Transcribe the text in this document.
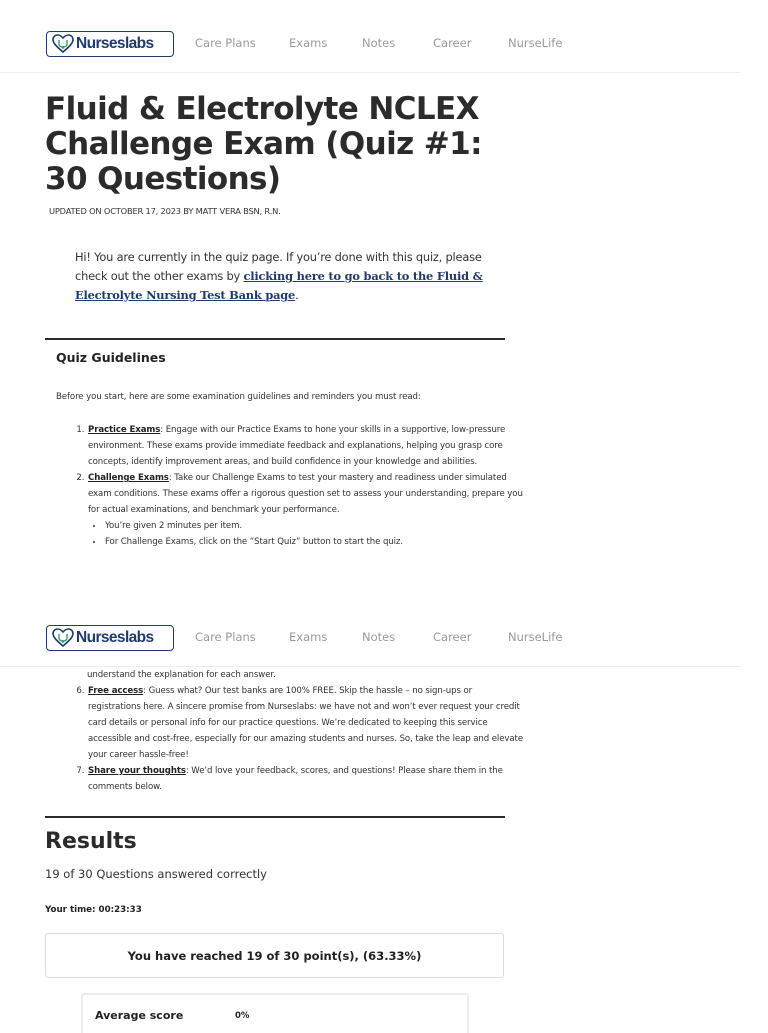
understand the explanation for each answer.
6. Free access: Guess what? Our test banks are 100% FREE. Skip the hassle – no sign-ups or registrations here. A sincere promise from Nurseslabs: we have not and won’t ever request your credit card details or personal info for our practice questions. We’re dedicated to keeping this service accessible and cost-free, especially for our amazing students and nurses. So, take the leap and elevate your career hassle-free!
7. Share your thoughts: We’d love your feedback, scores, and questions! Please share them in the comments below.
Nurseslabs	Care Plans	Exams	Notes	Career	NurseLife
Fluid & Electrolyte NCLEX Challenge Exam (Quiz #1: 30 Questions)
UPDATED ON OCTOBER 17, 2023 BY MATT VERA BSN, R.N.
Hi! You are currently in the quiz page. If you’re done with this quiz, please check out the other exams by clicking here to go back to the Fluid & Electrolyte Nursing Test Bank page.
Quiz Guidelines
Before you start, here are some examination guidelines and reminders you must read:
1. Practice Exams: Engage with our Practice Exams to hone your skills in a supportive, low-pressure environment. These exams provide immediate feedback and explanations, helping you grasp core concepts, identify improvement areas, and build confidence in your knowledge and abilities.
2. Challenge Exams: Take our Challenge Exams to test your mastery and readiness under simulated exam conditions. These exams offer a rigorous question set to assess your understanding, prepare you for actual examinations, and benchmark your performance.
• You’re given 2 minutes per item.
• For Challenge Exams, click on the “Start Quiz” button to start the quiz.
Nurseslabs	Care Plans	Exams	Notes	Career	NurseLife
Results
19 of 30 Questions answered correctly
Your time: 00:23:33
You have reached 19 of 30 point(s), (63.33%)
Average score	0%
